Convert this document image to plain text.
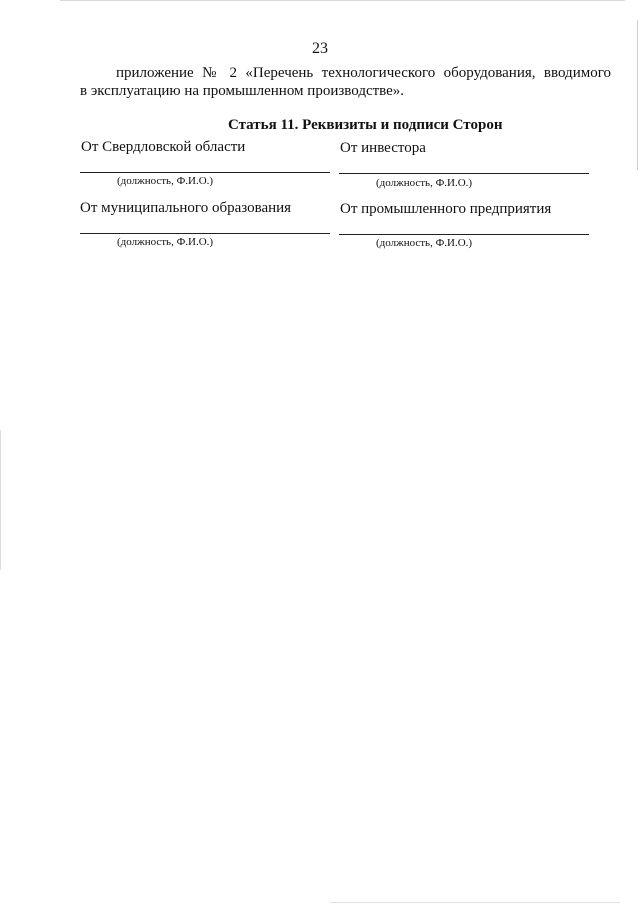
23
приложение № 2 «Перечень технологического оборудования, вводимого
в эксплуатацию на промышленном производстве».
Статья 11. Реквизиты и подписи Сторон
От Свердловской области
(должность, Ф.И.О.)
От инвестора
(должность, Ф.И.О.)
От муниципального образования
(должность, Ф.И.О.)
От промышленного предприятия
(должность, Ф.И.О.)
